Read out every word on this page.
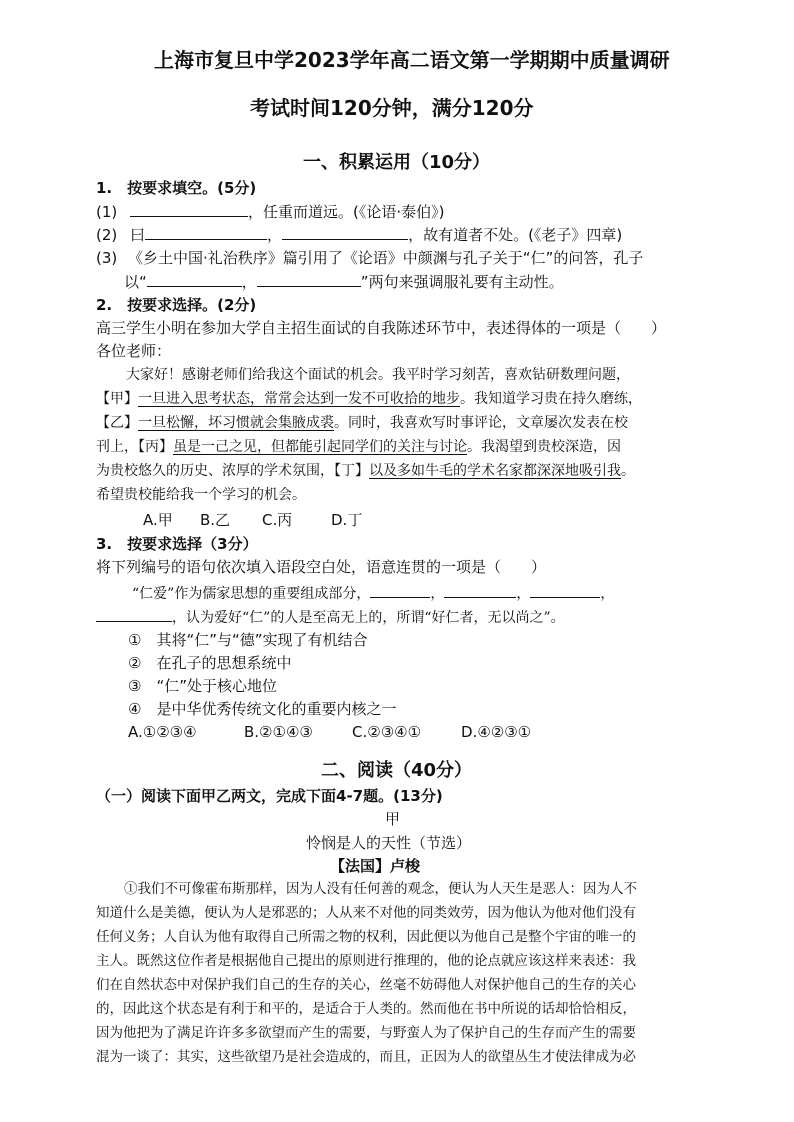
上海市复旦中学2023学年高二语文第一学期期中质量调研
考试时间120分钟，满分120分
一、积累运用（10分）
1.　按要求填空。(5分)
(1)	，任重而道远。(《论语·泰伯》)
(2) 曰	，	，故有道者不处。(《老子》四章)
(3) 《乡土中国·礼治秩序》篇引用了《论语》中颜渊与孔子关于“仁”的问答，孔子
以“	，	”两句来强调服礼要有主动性。
2.　按要求选择。(2分)
高三学生小明在参加大学自主招生面试的自我陈述环节中，表述得体的一项是（　　）
各位老师：
大家好！感谢老师们给我这个面试的机会。我平时学习刻苦，喜欢钻研数理问题，
【甲】一旦进入思考状态，常常会达到一发不可收拾的地步。我知道学习贵在持久磨练，
【乙】一旦松懈，坏习惯就会集腋成裘。同时，我喜欢写时事评论，文章屡次发表在校
刊上，【丙】虽是一己之见，但都能引起同学们的关注与讨论。我渴望到贵校深造，因
为贵校悠久的历史、浓厚的学术氛围，【丁】以及多如牛毛的学术名家都深深地吸引我。
希望贵校能给我一个学习的机会。
A.甲 B.乙 C.丙	D.丁
3.　按要求选择（3分）
将下列编号的语句依次填入语段空白处，语意连贯的一项是（　　）
“仁爱”作为儒家思想的重要组成部分，	，	，	，
，认为爱好“仁”的人是至高无上的，所谓“好仁者，无以尚之”。
①　其将“仁”与“德”实现了有机结合
②　在孔子的思想系统中
③　“仁”处于核心地位
④　是中华优秀传统文化的重要内核之一
A.①②③④	B.②①④③	C.②③④①	D.④②③①
二、阅读（40分）
（一）阅读下面甲乙两文，完成下面4-7题。(13分)
甲
怜悯是人的天性（节选）
【法国】卢梭
①我们不可像霍布斯那样，因为人没有任何善的观念，便认为人天生是恶人：因为人不
知道什么是美德，便认为人是邪恶的；人从来不对他的同类效劳，因为他认为他对他们没有
任何义务；人自认为他有取得自己所需之物的权利，因此便以为他自己是整个宇宙的唯一的
主人。既然这位作者是根据他自己提出的原则进行推理的，他的论点就应该这样来表述：我
们在自然状态中对保护我们自己的生存的关心，丝毫不妨碍他人对保护他自己的生存的关心
的，因此这个状态是有利于和平的，是适合于人类的。然而他在书中所说的话却恰恰相反，
因为他把为了满足许许多多欲望而产生的需要，与野蛮人为了保护自己的生存而产生的需要
混为一谈了：其实，这些欲望乃是社会造成的，而且，正因为人的欲望丛生才使法律成为必
